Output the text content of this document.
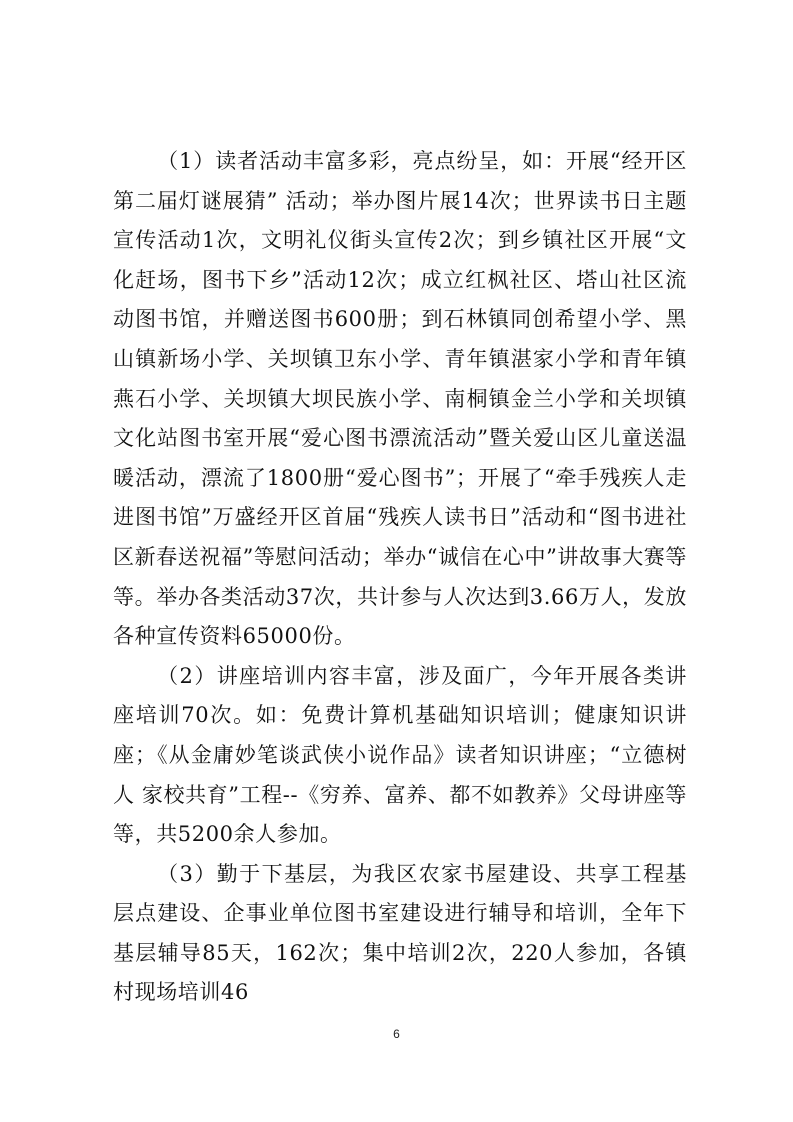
（1）读者活动丰富多彩，亮点纷呈，如：开展“经开区第二届灯谜展猜” 活动；举办图片展14次；世界读书日主题宣传活动1次，文明礼仪街头宣传2次；到乡镇社区开展“文化赶场，图书下乡”活动12次；成立红枫社区、塔山社区流动图书馆，并赠送图书600册；到石林镇同创希望小学、黑山镇新场小学、关坝镇卫东小学、青年镇湛家小学和青年镇燕石小学、关坝镇大坝民族小学、南桐镇金兰小学和关坝镇文化站图书室开展“爱心图书漂流活动”暨关爱山区儿童送温暖活动，漂流了1800册“爱心图书”；开展了“牵手残疾人走进图书馆”万盛经开区首届“残疾人读书日”活动和“图书进社区新春送祝福”等慰问活动；举办“诚信在心中”讲故事大赛等等。举办各类活动37次，共计参与人次达到3.66万人，发放各种宣传资料65000份。

（2）讲座培训内容丰富，涉及面广，今年开展各类讲座培训70次。如：免费计算机基础知识培训；健康知识讲座；《从金庸妙笔谈武侠小说作品》读者知识讲座；“立德树人 家校共育”工程--《穷养、富养、都不如教养》父母讲座等等，共5200余人参加。

（3）勤于下基层，为我区农家书屋建设、共享工程基层点建设、企事业单位图书室建设进行辅导和培训，全年下基层辅导85天，162次；集中培训2次，220人参加，各镇村现场培训46

6
